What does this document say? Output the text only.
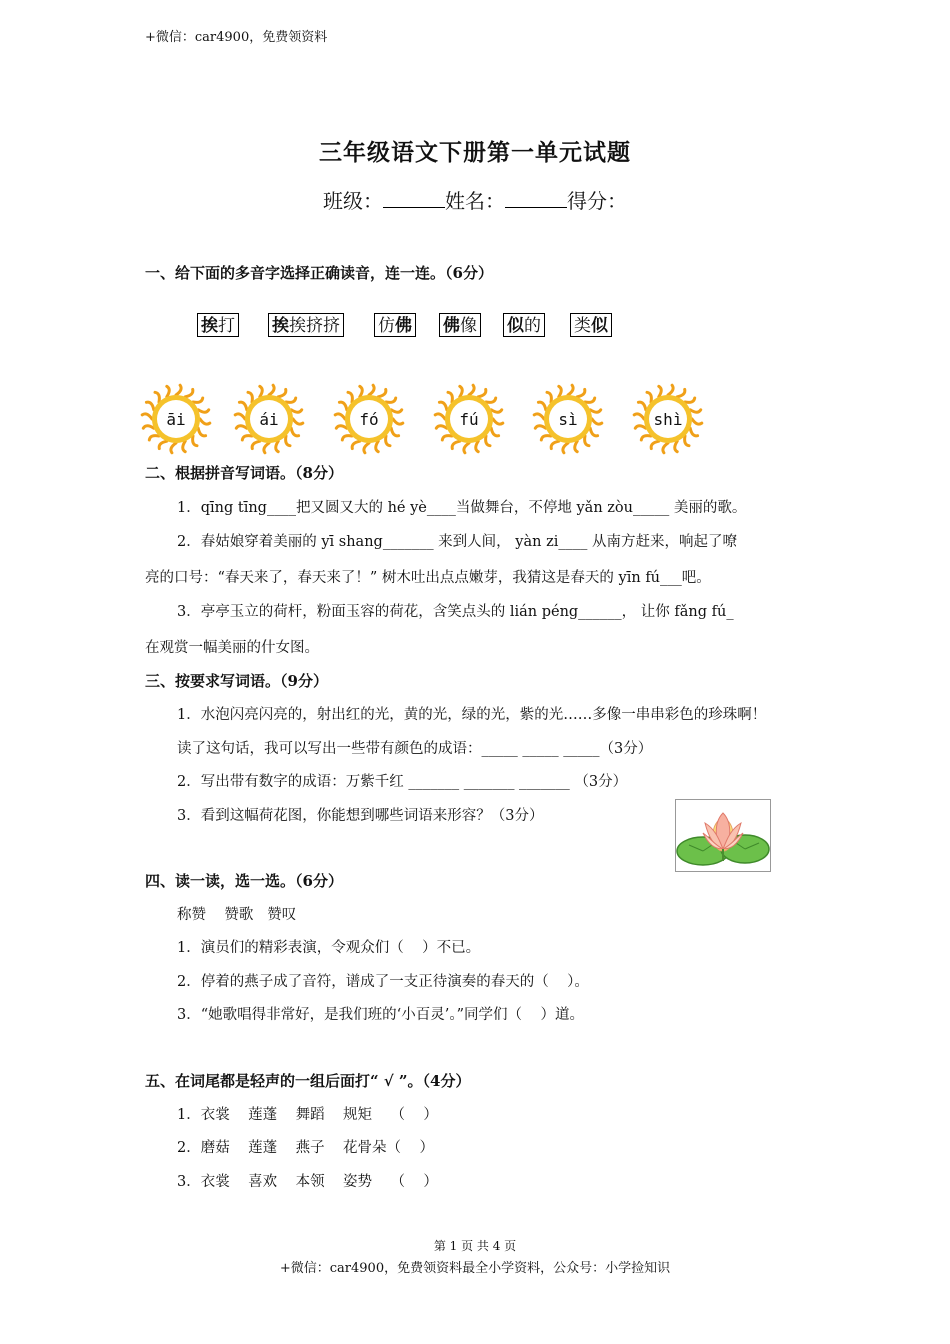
+微信：car4900，免费领资料
三年级语文下册第一单元试题
班级：	姓名：	得分：
一、给下面的多音字选择正确读音，连一连。（6分）
挨打 挨挨挤挤 仿佛 佛像 似的 类似
āi	ái	fó	fú	sì	shì
二、根据拼音写词语。（8分）
1．qīng tīng____把又圆又大的 hé yè____当做舞台，不停地 yǎn zòu_____ 美丽的歌。
2．春姑娘穿着美丽的 yī shang_______ 来到人间， yàn zi____ 从南方赶来，响起了嘹
亮的口号：“春天来了，春天来了！” 树木吐出点点嫩芽，我猜这是春天的 yīn fú___吧。
3．亭亭玉立的荷杆，粉面玉容的荷花，含笑点头的 lián péng______， 让你 fǎng fú_
在观赏一幅美丽的什女图。
三、按要求写词语。（9分）
1．水泡闪亮闪亮的，射出红的光，黄的光，绿的光，紫的光……多像一串串彩色的珍珠啊！
读了这句话，我可以写出一些带有颜色的成语：_____ _____ _____（3分）
2．写出带有数字的成语：万紫千红 _______ _______ _______ （3分）
3．看到这幅荷花图，你能想到哪些词语来形容？（3分）
四、读一读，选一选。（6分）
称赞    赞歌   赞叹
1．演员们的精彩表演，令观众们（    ）不已。
2．停着的燕子成了音符，谱成了一支正待演奏的春天的（    ）。
3．“她歌唱得非常好，是我们班的‘小百灵’。”同学们（    ）道。
五、在词尾都是轻声的一组后面打“ √ ”。（4分）
1．衣裳    莲蓬    舞蹈    规矩    （    ）
2．磨菇    莲蓬    燕子    花骨朵（    ）
3．衣裳    喜欢    本领    姿势    （    ）
第 1 页 共 4 页
+微信：car4900，免费领资料最全小学资料，公众号：小学捡知识
